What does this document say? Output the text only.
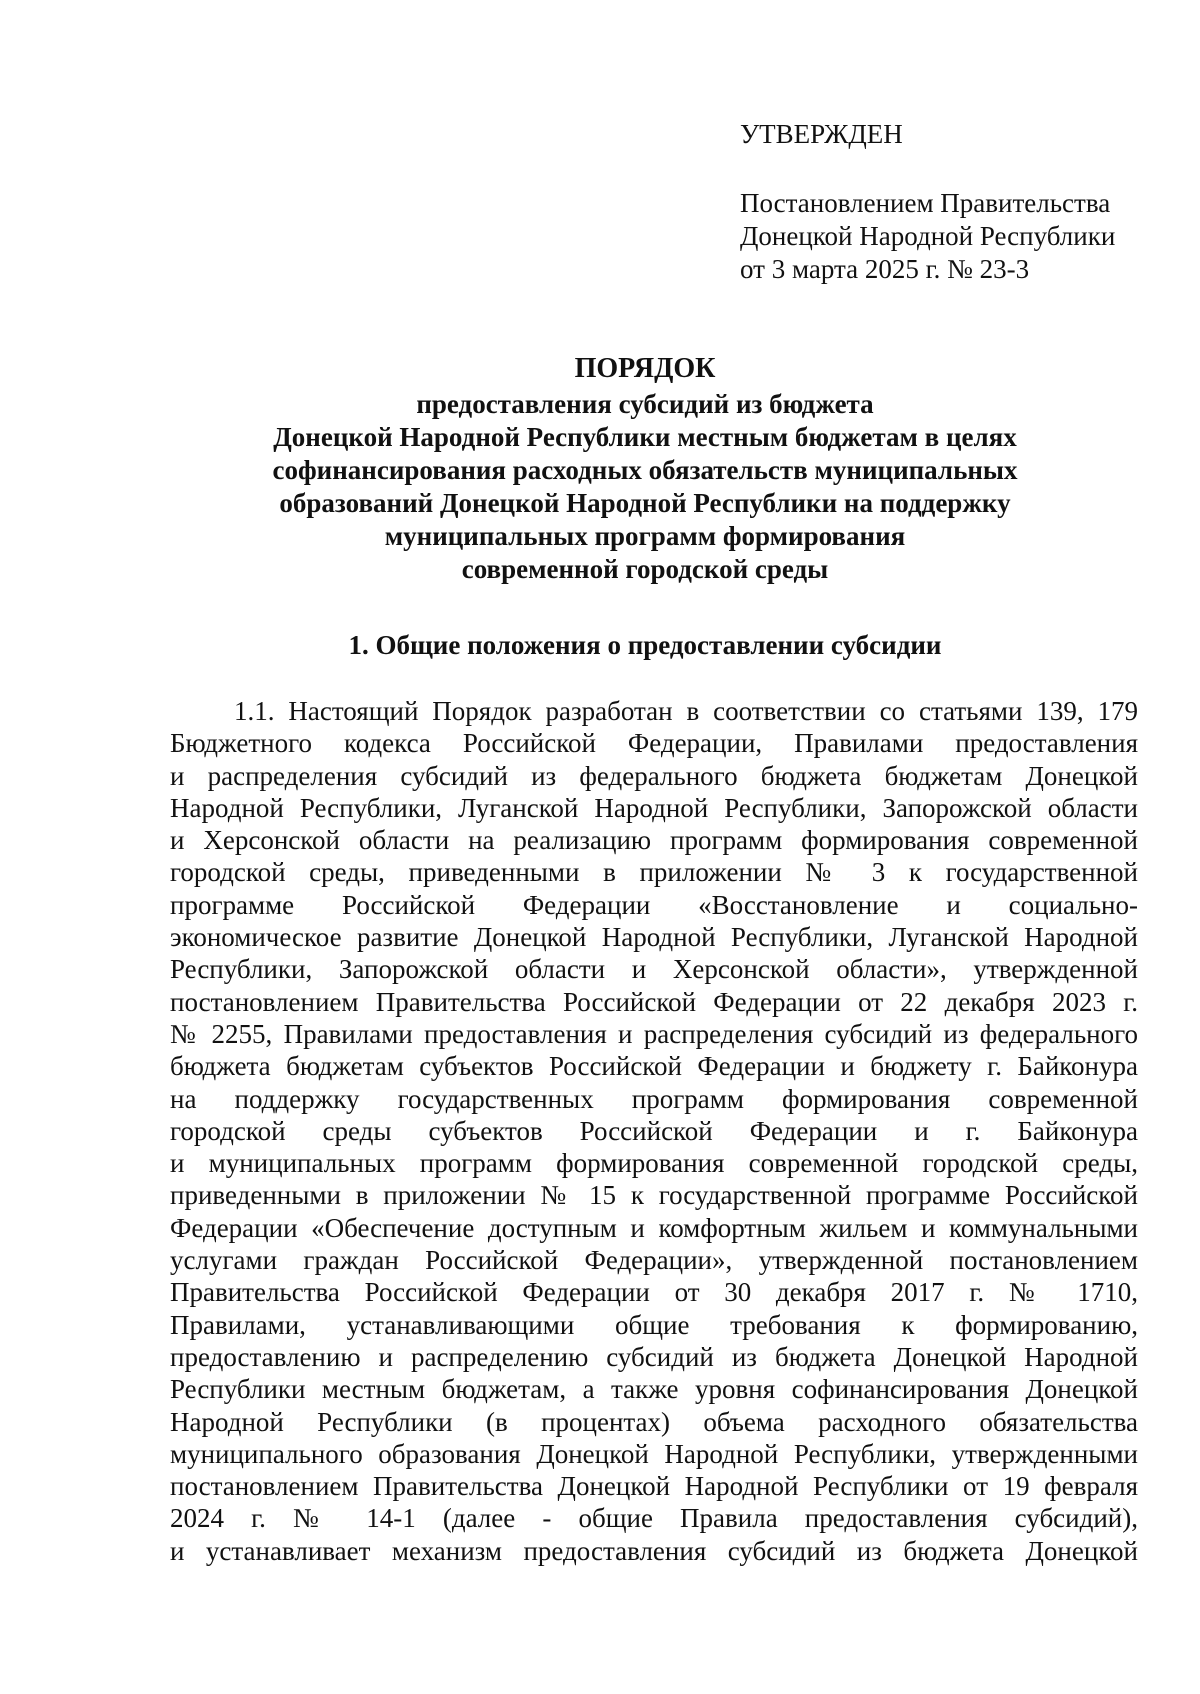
УТВЕРЖДЕН
Постановлением Правительства
Донецкой Народной Республики
от 3 марта 2025 г. № 23-3
ПОРЯДОК
предоставления субсидий из бюджета
Донецкой Народной Республики местным бюджетам в целях
софинансирования расходных обязательств муниципальных
образований Донецкой Народной Республики на поддержку
муниципальных программ формирования
современной городской среды
1. Общие положения о предоставлении субсидии
1.1. Настоящий Порядок разработан в соответствии со статьями 139, 179
Бюджетного кодекса Российской Федерации, Правилами предоставления
и распределения субсидий из федерального бюджета бюджетам Донецкой
Народной Республики, Луганской Народной Республики, Запорожской области
и Херсонской области на реализацию программ формирования современной
городской среды, приведенными в приложении № 3 к государственной
программе Российской Федерации «Восстановление и социально-
экономическое развитие Донецкой Народной Республики, Луганской Народной
Республики, Запорожской области и Херсонской области», утвержденной
постановлением Правительства Российской Федерации от 22 декабря 2023 г.
№ 2255, Правилами предоставления и распределения субсидий из федерального
бюджета бюджетам субъектов Российской Федерации и бюджету г. Байконура
на поддержку государственных программ формирования современной
городской среды субъектов Российской Федерации и г. Байконура
и муниципальных программ формирования современной городской среды,
приведенными в приложении № 15 к государственной программе Российской
Федерации «Обеспечение доступным и комфортным жильем и коммунальными
услугами граждан Российской Федерации», утвержденной постановлением
Правительства Российской Федерации от 30 декабря 2017 г. № 1710,
Правилами, устанавливающими общие требования к формированию,
предоставлению и распределению субсидий из бюджета Донецкой Народной
Республики местным бюджетам, а также уровня софинансирования Донецкой
Народной Республики (в процентах) объема расходного обязательства
муниципального образования Донецкой Народной Республики, утвержденными
постановлением Правительства Донецкой Народной Республики от 19 февраля
2024 г. № 14-1 (далее - общие Правила предоставления субсидий),
и устанавливает механизм предоставления субсидий из бюджета Донецкой
